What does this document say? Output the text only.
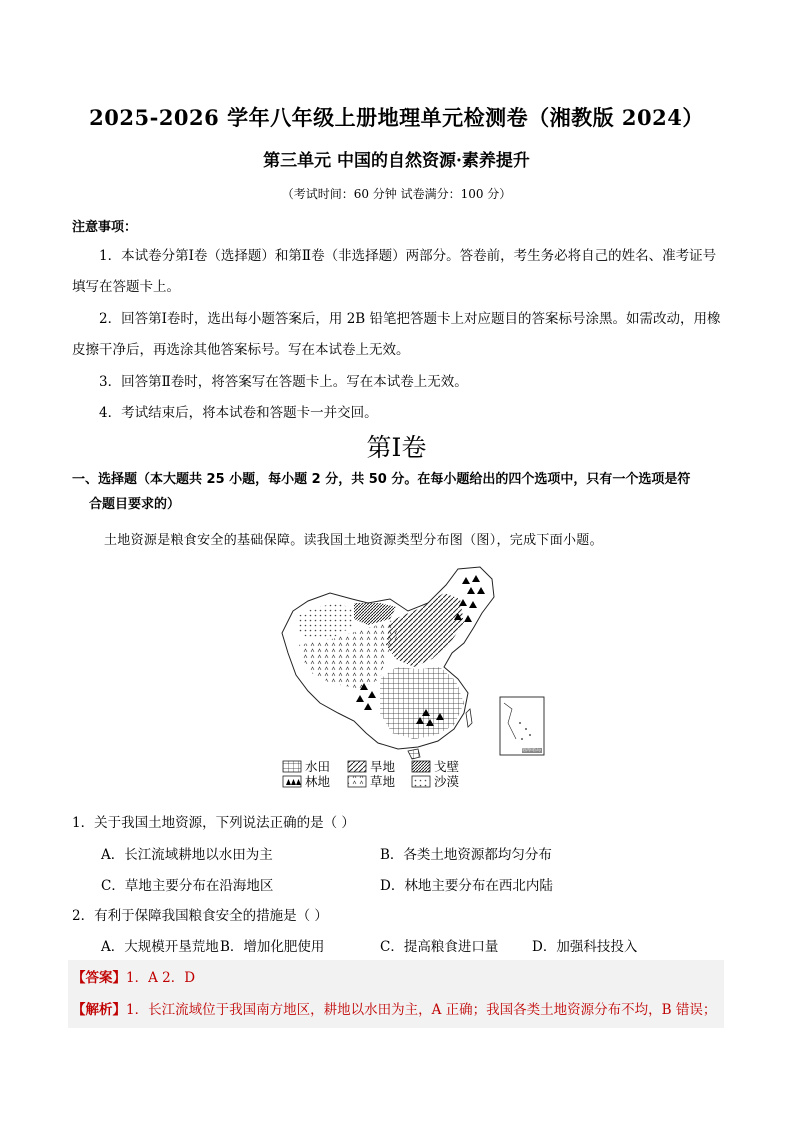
2025-2026 学年八年级上册地理单元检测卷（湘教版 2024）
第三单元 中国的自然资源·素养提升
（考试时间：60 分钟 试卷满分：100 分）
注意事项：
1．本试卷分第Ⅰ卷（选择题）和第Ⅱ卷（非选择题）两部分。答卷前，考生务必将自己的姓名、准考证号填写在答题卡上。
2．回答第Ⅰ卷时，选出每小题答案后，用 2B 铅笔把答题卡上对应题目的答案标号涂黑。如需改动，用橡皮擦干净后，再选涂其他答案标号。写在本试卷上无效。
3．回答第Ⅱ卷时，将答案写在答题卡上。写在本试卷上无效。
4．考试结束后，将本试卷和答题卡一并交回。
第Ⅰ卷
一、选择题（本大题共 25 小题，每小题 2 分，共 50 分。在每小题给出的四个选项中，只有一个选项是符
合题目要求的）
土地资源是粮食安全的基础保障。读我国土地资源类型分布图（图），完成下面小题。
水田
林地
旱地
草地
戈壁
沙漠
南海诸岛
1．关于我国土地资源，下列说法正确的是（ ）
A．长江流域耕地以水田为主	B．各类土地资源都均匀分布
C．草地主要分布在沿海地区	D．林地主要分布在西北内陆
2．有利于保障我国粮食安全的措施是（ ）
A．大规模开垦荒地 B．增加化肥使用	C．提高粮食进口量 D．加强科技投入
【答案】1．A 2．D
【解析】1．长江流域位于我国南方地区，耕地以水田为主，A 正确；我国各类土地资源分布不均，B 错误；
